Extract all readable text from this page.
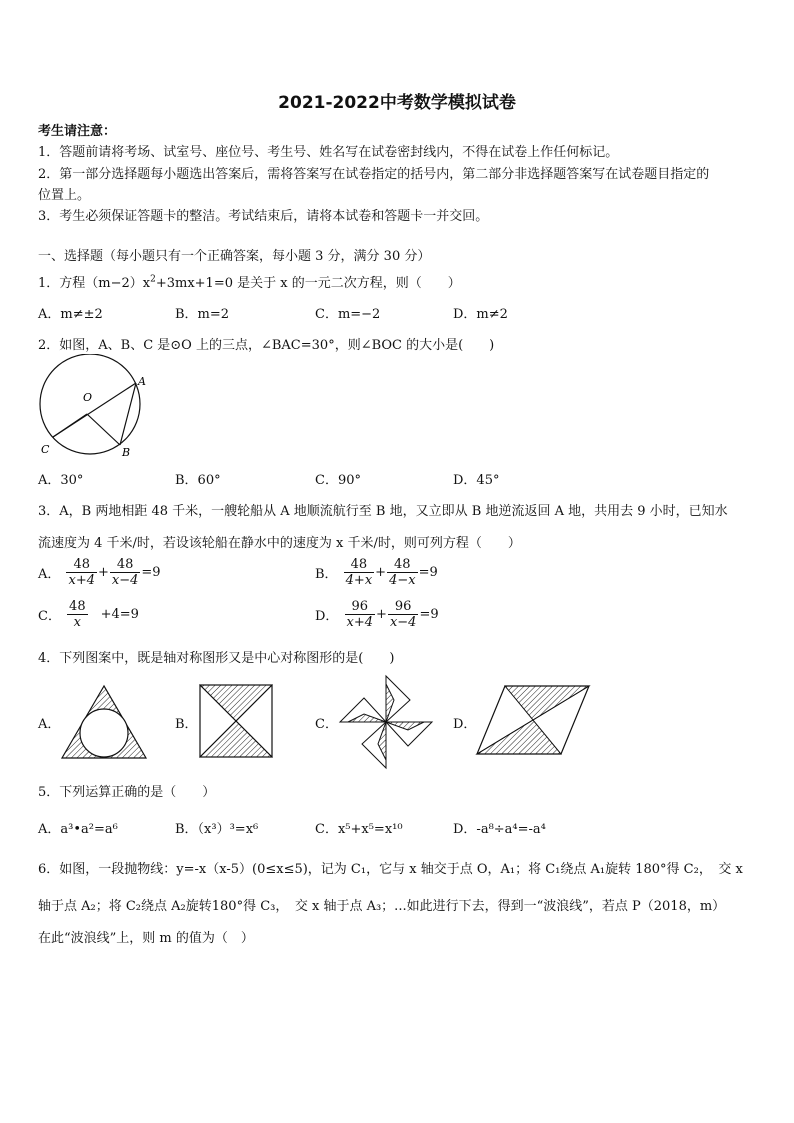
2021-2022中考数学模拟试卷
考生请注意：
1．答题前请将考场、试室号、座位号、考生号、姓名写在试卷密封线内，不得在试卷上作任何标记。
2．第一部分选择题每小题选出答案后，需将答案写在试卷指定的括号内，第二部分非选择题答案写在试卷题目指定的
位置上。
3．考生必须保证答题卡的整洁。考试结束后，请将本试卷和答题卡一并交回。
一、选择题（每小题只有一个正确答案，每小题 3 分，满分 30 分）
1．方程$(m-2)x^2+3mx+1=0$ 是关于 x 的一元二次方程，则（　　）
A．m≠±2	B．m=2	C．m=−2	D．m≠2
2．如图，A、B、C 是⊙O 上的三点，∠BAC=30°，则∠BOC 的大小是(　　)
O
A
B
C
A．30°	B．60°	C．90°	D．45°
3．A，B 两地相距 48 千米，一艘轮船从 A 地顺流航行至 B 地，又立即从 B 地逆流返回 A 地，共用去 9 小时，已知水
流速度为 4 千米/时，若设该轮船在静水中的速度为 x 千米/时，则可列方程（　　）
A． $\frac{48}{x+4} + \frac{48}{x-4} =9$	B． $\frac{48}{4+x} + \frac{48}{4-x} =9$
C． $\frac{48}{x} +4=9$	D． $\frac{96}{x+4} + \frac{96}{x-4} =9$
4．下列图案中，既是轴对称图形又是中心对称图形的是(　　)
A．	B．	C．	D．
5．下列运算正确的是（　　）
A．a³•a²=a⁶	B．（x³）³=x⁶	C．x⁵+x⁵=x¹⁰	D．-a⁸÷a⁴=-a⁴
6．如图，一段抛物线：y=-x（x-5）(0≤x≤5)，记为 C₁，它与 x 轴交于点 O，A₁；将 C₁绕点 A₁旋转 180°得 C₂，　交 x
轴于点 A₂；将 C₂绕点 A₂旋转180°得 C₃，　交 x 轴于点 A₃；...如此进行下去，得到一“波浪线”，若点 P（2018，m）
在此“波浪线”上，则 m 的值为（　）
